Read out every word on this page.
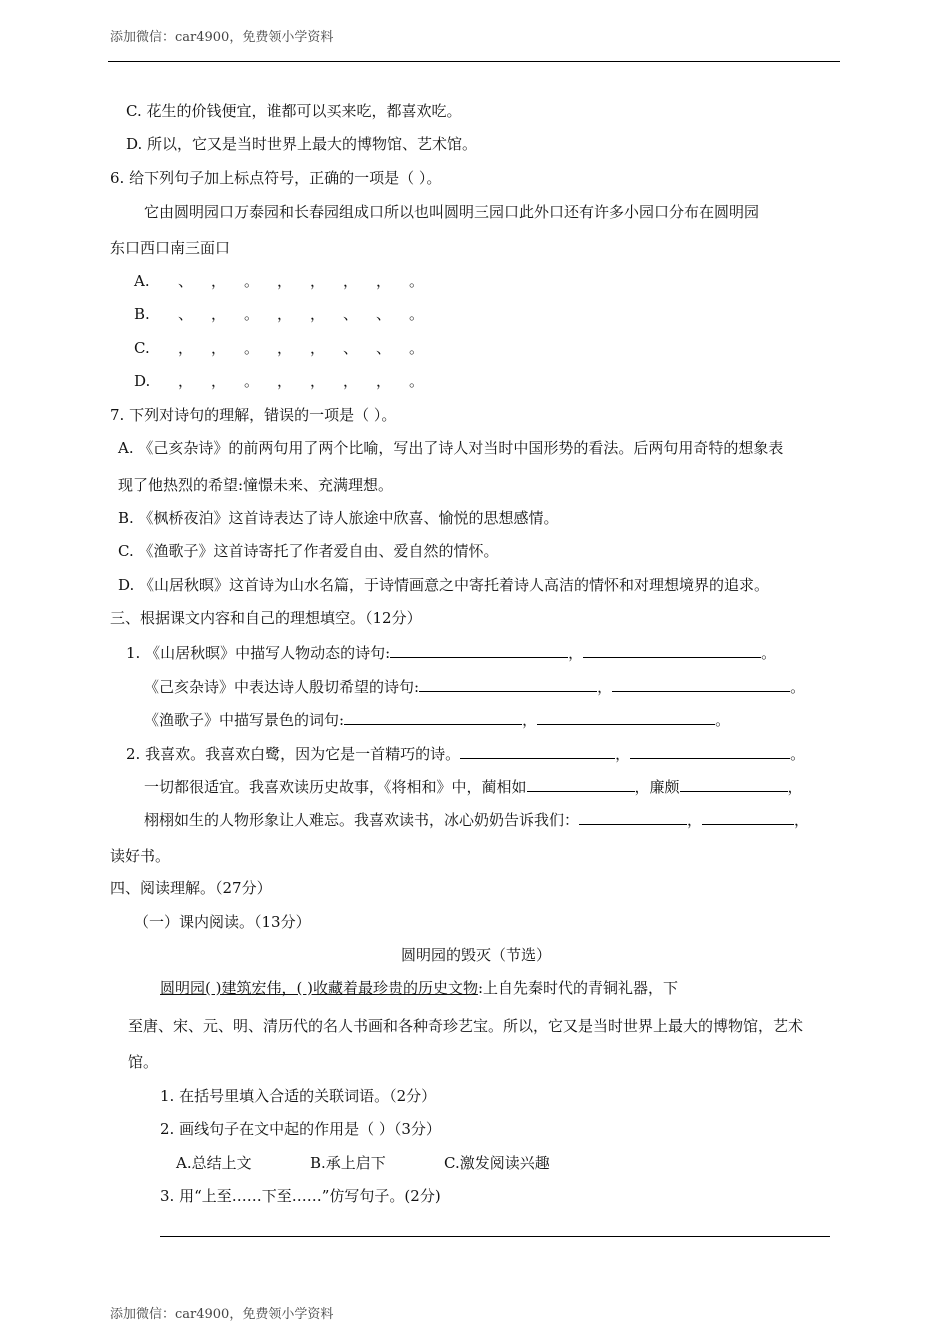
添加微信：car4900，免费领小学资料
C. 花生的价钱便宜，谁都可以买来吃，都喜欢吃。
D. 所以，它又是当时世界上最大的博物馆、艺术馆。
6. 给下列句子加上标点符号，正确的一项是（ ）。
它由圆明园口万泰园和长春园组成口所以也叫圆明三园口此外口还有许多小园口分布在圆明园
东口西口南三面口
A. 、 ， 。 ， ， ， ， 。
B. 、 ， 。 ， ， 、 、 。
C. ， ， 。 ， ， 、 、 。
D. ， ， 。 ， ， ， ， 。
7. 下列对诗句的理解，错误的一项是（ ）。
A. 《己亥杂诗》的前两句用了两个比喻，写出了诗人对当时中国形势的看法。后两句用奇特的想象表
现了他热烈的希望:憧憬未来、充满理想。
B. 《枫桥夜泊》这首诗表达了诗人旅途中欣喜、愉悦的思想感情。
C. 《渔歌子》这首诗寄托了作者爱自由、爱自然的情怀。
D. 《山居秋暝》这首诗为山水名篇，于诗情画意之中寄托着诗人高洁的情怀和对理想境界的追求。
三、根据课文内容和自己的理想填空。（12分）
1. 《山居秋暝》中描写人物动态的诗句:	，	。
《己亥杂诗》中表达诗人殷切希望的诗句:	，	。
《渔歌子》中描写景色的词句:	，	。
2. 我喜欢。我喜欢白鹭，因为它是一首精巧的诗。	，	。
一切都很适宜。我喜欢读历史故事，《将相和》中，蔺相如	，廉颇	，
栩栩如生的人物形象让人难忘。我喜欢读书，冰心奶奶告诉我们：	，	，
读好书。
四、阅读理解。（27分）
（一）课内阅读。（13分）
圆明园的毁灭（节选）
圆明园( )建筑宏伟，( )收藏着最珍贵的历史文物:上自先秦时代的青铜礼器，下
至唐、宋、元、明、清历代的名人书画和各种奇珍艺宝。所以，它又是当时世界上最大的博物馆，艺术
馆。
1. 在括号里填入合适的关联词语。（2分）
2. 画线句子在文中起的作用是（ ）（3分）
A.总结上文	B.承上启下	C.激发阅读兴趣
3. 用“上至……下至……”仿写句子。(2分)
添加微信：car4900，免费领小学资料
